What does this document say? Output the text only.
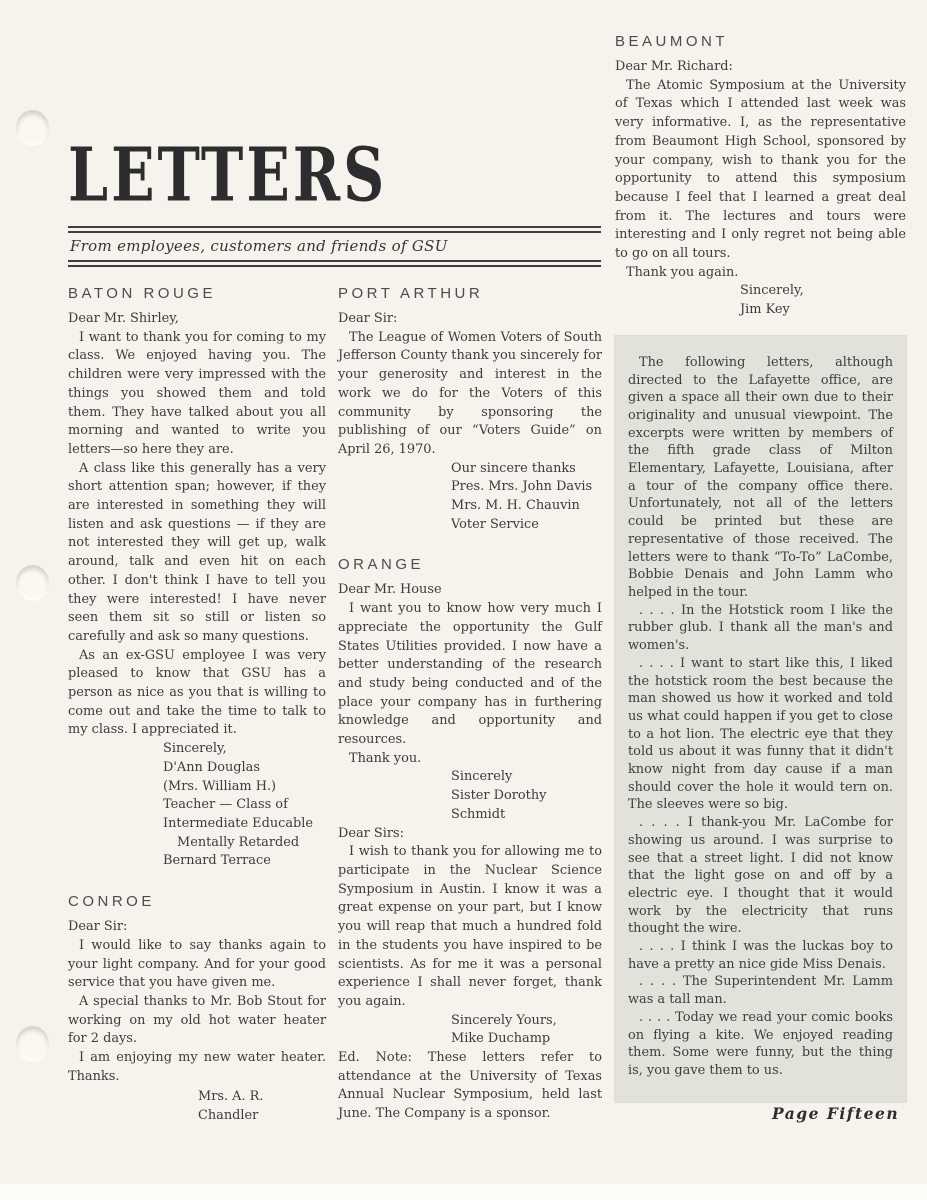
LETTERS
From employees, customers and friends of GSU
BATON ROUGE

Dear Mr. Shirley,

I want to thank you for coming to my class. We enjoyed having you. The children were very impressed with the things you showed them and told them. They have talked about you all morning and wanted to write you letters—so here they are.

A class like this generally has a very short attention span; however, if they are interested in something they will listen and ask questions — if they are not interested they will get up, walk around, talk and even hit on each other. I don't think I have to tell you they were interested! I have never seen them sit so still or listen so carefully and ask so many questions.

As an ex-GSU employee I was very pleased to know that GSU has a person as nice as you that is willing to come out and take the time to talk to my class. I appreciated it.

Sincerely,
D'Ann Douglas
(Mrs. William H.)
Teacher — Class of
Intermediate Educable
Mentally Retarded
Bernard Terrace
CONROE

Dear Sir:

I would like to say thanks again to your light company. And for your good service that you have given me.

A special thanks to Mr. Bob Stout for working on my old hot water heater for 2 days.

I am enjoying my new water heater. Thanks.

Mrs. A. R. Chandler
PORT ARTHUR

Dear Sir:

The League of Women Voters of South Jefferson County thank you sincerely for your generosity and interest in the work we do for the Voters of this community by sponsoring the publishing of our “Voters Guide” on April 26, 1970.

Our sincere thanks
Pres. Mrs. John Davis
Mrs. M. H. Chauvin
Voter Service
ORANGE

Dear Mr. House

I want you to know how very much I appreciate the opportunity the Gulf States Utilities provided. I now have a better understanding of the research and study being conducted and of the place your company has in furthering knowledge and opportunity and resources.

Thank you.

Sincerely
Sister Dorothy Schmidt

Dear Sirs:

I wish to thank you for allowing me to participate in the Nuclear Science Symposium in Austin. I know it was a great expense on your part, but I know you will reap that much a hundred fold in the students you have inspired to be scientists. As for me it was a personal experience I shall never forget, thank you again.

Sincerely Yours,
Mike Duchamp

Ed. Note: These letters refer to attendance at the University of Texas Annual Nuclear Symposium, held last June. The Company is a sponsor.

BEAUMONT

Dear Mr. Richard:

The Atomic Symposium at the University of Texas which I attended last week was very informative. I, as the representative from Beaumont High School, sponsored by your company, wish to thank you for the opportunity to attend this symposium because I feel that I learned a great deal from it. The lectures and tours were interesting and I only regret not being able to go on all tours.

Thank you again.

Sincerely,
Jim Key

The following letters, although directed to the Lafayette office, are given a space all their own due to their originality and unusual viewpoint. The excerpts were written by members of the fifth grade class of Milton Elementary, Lafayette, Louisiana, after a tour of the company office there. Unfortunately, not all of the letters could be printed but these are representative of those received. The letters were to thank “To-To” LaCombe, Bobbie Denais and John Lamm who helped in the tour.

. . . . In the Hotstick room I like the rubber glub. I thank all the man's and women's.

. . . . I want to start like this, I liked the hotstick room the best because the man showed us how it worked and told us what could happen if you get to close to a hot lion. The electric eye that they told us about it was funny that it didn't know night from day cause if a man should cover the hole it would tern on. The sleeves were so big.

. . . . I thank-you Mr. LaCombe for showing us around. I was surprise to see that a street light. I did not know that the light gose on and off by a electric eye. I thought that it would work by the electricity that runs thought the wire.

. . . . I think I was the luckas boy to have a pretty an nice gide Miss Denais.

. . . . The Superintendent Mr. Lamm was a tall man.

. . . . Today we read your comic books on flying a kite. We enjoyed reading them. Some were funny, but the thing is, you gave them to us.

Page Fifteen
